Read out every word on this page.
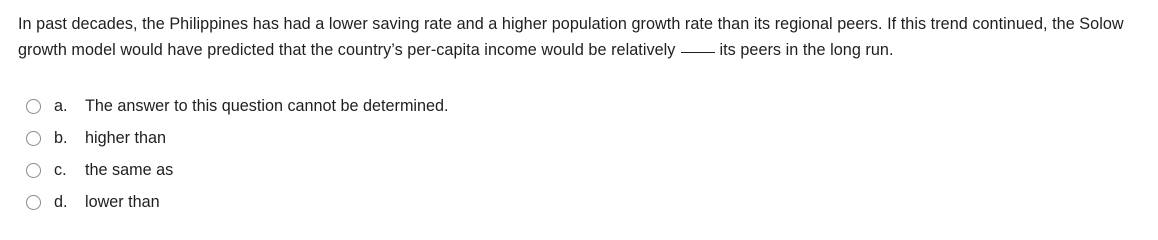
In past decades, the Philippines has had a lower saving rate and a higher population growth rate than its regional peers. If this trend continued, the Solow growth model would have predicted that the country’s per-capita income would be relatively	its peers in the long run.
a.	The answer to this question cannot be determined.
b.	higher than
c.	the same as
d.	lower than
